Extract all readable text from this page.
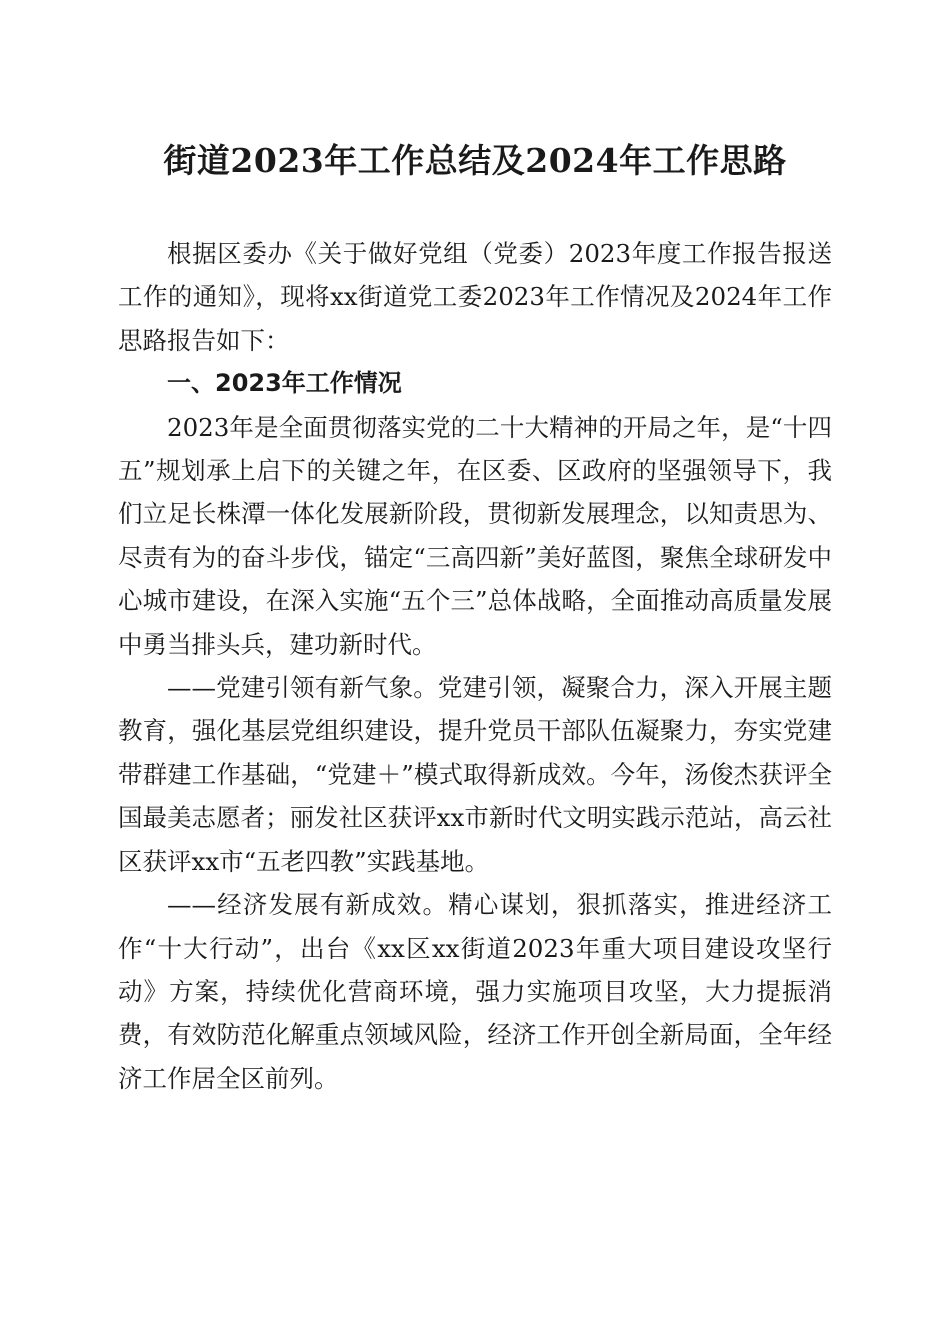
街道2023年工作总结及2024年工作思路

根据区委办《关于做好党组（党委）2023年度工作报告报送工作的通知》，现将xx街道党工委2023年工作情况及2024年工作思路报告如下：

一、2023年工作情况

2023年是全面贯彻落实党的二十大精神的开局之年，是“十四五”规划承上启下的关键之年，在区委、区政府的坚强领导下，我们立足长株潭一体化发展新阶段，贯彻新发展理念，以知责思为、尽责有为的奋斗步伐，锚定“三高四新”美好蓝图，聚焦全球研发中心城市建设，在深入实施“五个三”总体战略，全面推动高质量发展中勇当排头兵，建功新时代。

——党建引领有新气象。党建引领，凝聚合力，深入开展主题教育，强化基层党组织建设，提升党员干部队伍凝聚力，夯实党建带群建工作基础，“党建＋”模式取得新成效。今年，汤俊杰获评全国最美志愿者；丽发社区获评xx市新时代文明实践示范站，高云社区获评xx市“五老四教”实践基地。

——经济发展有新成效。精心谋划，狠抓落实，推进经济工作“十大行动”，出台《xx区xx街道2023年重大项目建设攻坚行动》方案，持续优化营商环境，强力实施项目攻坚，大力提振消费，有效防范化解重点领域风险，经济工作开创全新局面，全年经济工作居全区前列。
